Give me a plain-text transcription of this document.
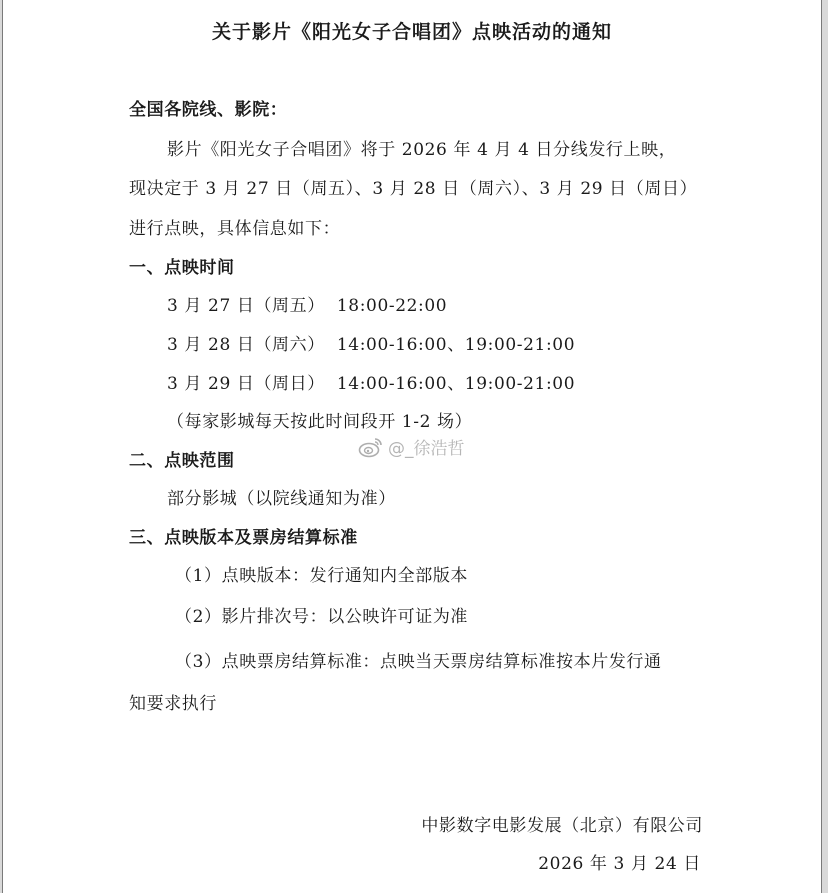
关于影片《阳光女子合唱团》点映活动的通知
全国各院线、影院：
影片《阳光女子合唱团》将于 2026 年 4 月 4 日分线发行上映，
现决定于 3 月 27 日（周五）、3 月 28 日（周六）、3 月 29 日（周日）
进行点映，具体信息如下：
一、点映时间
3 月 27 日（周五）  18:00-22:00
3 月 28 日（周六）  14:00-16:00、19:00-21:00
3 月 29 日（周日）  14:00-16:00、19:00-21:00
（每家影城每天按此时间段开 1-2 场）
@_徐浩哲
二、点映范围
部分影城（以院线通知为准）
三、点映版本及票房结算标准
（1）点映版本：发行通知内全部版本
（2）影片排次号：以公映许可证为准
（3）点映票房结算标准：点映当天票房结算标准按本片发行通
知要求执行
中影数字电影发展（北京）有限公司
2026 年 3 月 24 日
